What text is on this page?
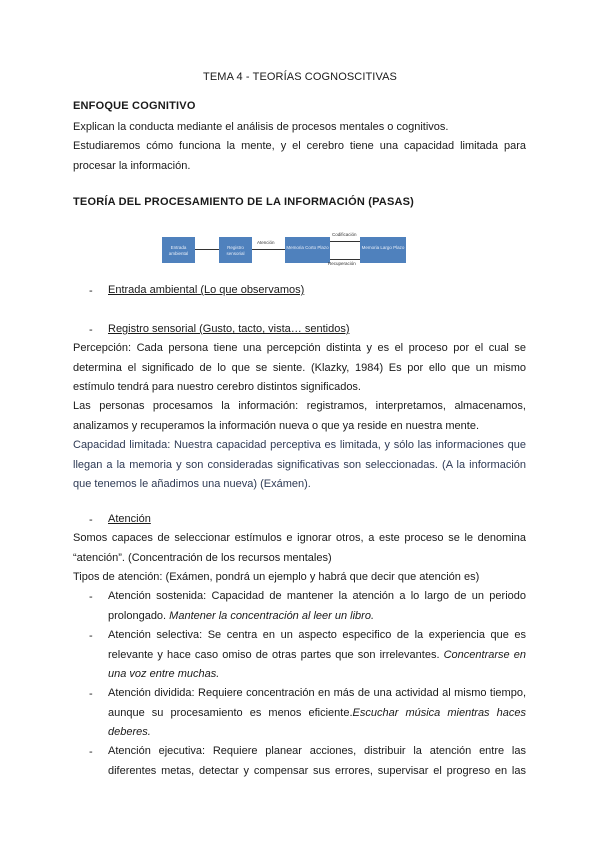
TEMA 4 - TEORÍAS COGNOSCITIVAS
ENFOQUE COGNITIVO
Explican la conducta mediante el análisis de procesos mentales o cognitivos.
Estudiaremos cómo funciona la mente, y el cerebro tiene una capacidad limitada para procesar la información.
TEORÍA DEL PROCESAMIENTO DE LA INFORMACIÓN (PASAS)
Entrada ambiental
Registro sensorial
Atención
Memoria Corto Plazo
Codificación
Recuperación
Memoria Largo Plazo
- Entrada ambiental (Lo que observamos)
- Registro sensorial (Gusto, tacto, vista… sentidos)
Percepción: Cada persona tiene una percepción distinta y es el proceso por el cual se determina el significado de lo que se siente. (Klazky, 1984) Es por ello que un mismo estímulo tendrá para nuestro cerebro distintos significados.
Las personas procesamos la información: registramos, interpretamos, almacenamos, analizamos y recuperamos la información nueva o que ya reside en nuestra mente.
Capacidad limitada: Nuestra capacidad perceptiva es limitada, y sólo las informaciones que llegan a la memoria y son consideradas significativas son seleccionadas. (A la información que tenemos le añadimos una nueva) (Exámen).
- Atención
Somos capaces de seleccionar estímulos e ignorar otros, a este proceso se le denomina “atención”. (Concentración de los recursos mentales)
Tipos de atención: (Exámen, pondrá un ejemplo y habrá que decir que atención es)
- Atención sostenida: Capacidad de mantener la atención a lo largo de un periodo prolongado. Mantener la concentración al leer un libro.
- Atención selectiva: Se centra en un aspecto especifico de la experiencia que es relevante y hace caso omiso de otras partes que son irrelevantes. Concentrarse en una voz entre muchas.
- Atención dividida: Requiere concentración en más de una actividad al mismo tiempo, aunque su procesamiento es menos eficiente.Escuchar música mientras haces deberes.
- Atención ejecutiva: Requiere planear acciones, distribuir la atención entre las diferentes metas, detectar y compensar sus errores, supervisar el progreso en las
